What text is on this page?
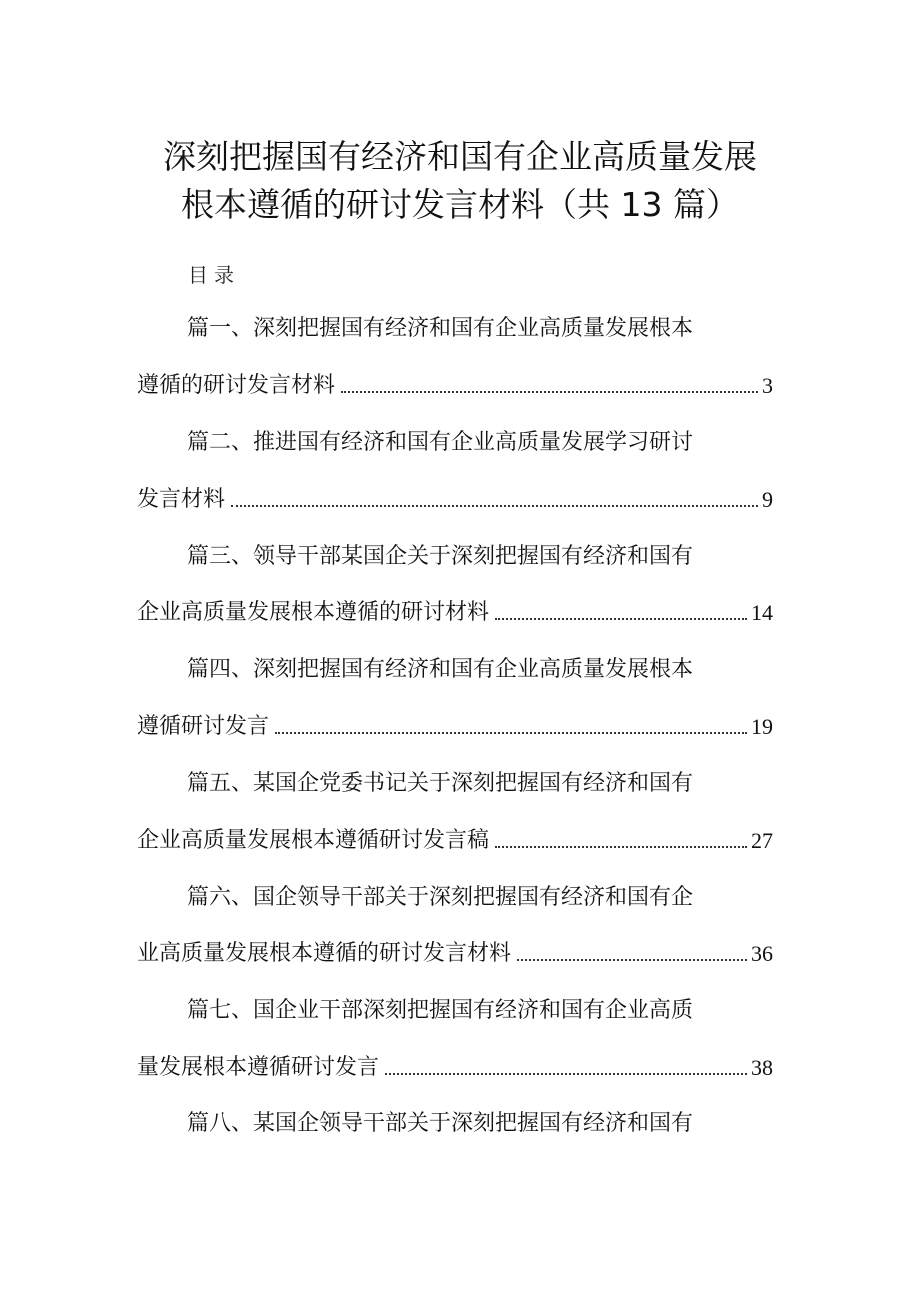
深刻把握国有经济和国有企业高质量发展
根本遵循的研讨发言材料（共 13 篇）
目录
篇一、深刻把握国有经济和国有企业高质量发展根本
遵循的研讨发言材料	3
篇二、推进国有经济和国有企业高质量发展学习研讨
发言材料	9
篇三、领导干部某国企关于深刻把握国有经济和国有
企业高质量发展根本遵循的研讨材料	14
篇四、深刻把握国有经济和国有企业高质量发展根本
遵循研讨发言	19
篇五、某国企党委书记关于深刻把握国有经济和国有
企业高质量发展根本遵循研讨发言稿	27
篇六、国企领导干部关于深刻把握国有经济和国有企
业高质量发展根本遵循的研讨发言材料	36
篇七、国企业干部深刻把握国有经济和国有企业高质
量发展根本遵循研讨发言	38
篇八、某国企领导干部关于深刻把握国有经济和国有
